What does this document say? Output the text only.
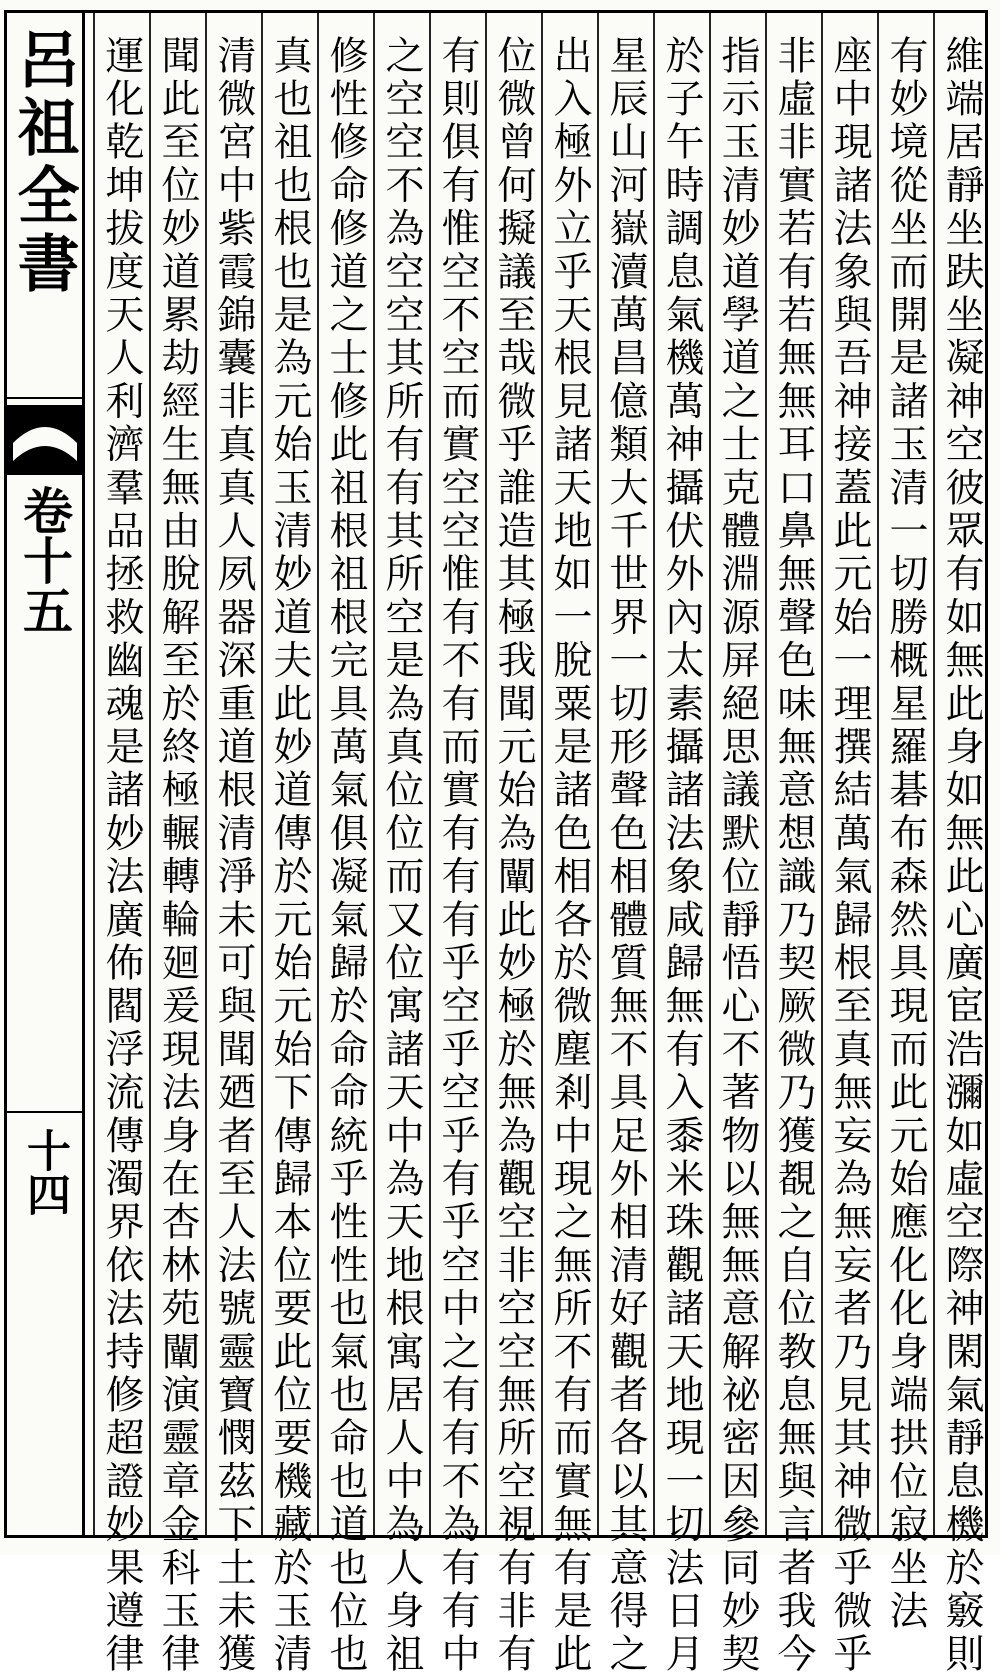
呂祖全書
卷十五
十四	維端居靜坐趺坐凝神空彼眾有如無此身如無此心廣宦浩瀰如虛空際神閑氣靜息機於竅則
有妙境從坐而開是諸玉清一切勝概星羅碁布森然具現而此元始應化化身端拱位寂坐法
座中現諸法象與吾神接蓋此元始一理撰結萬氣歸根至真無妄為無妄者乃見其神微乎微乎
非虛非實若有若無無耳口鼻無聲色味無意想識乃契厥微乃獲覩之自位教息無與言者我今
指示玉清妙道學道之士克體淵源屏絕思議默位靜悟心不著物以無無意解祕密因參同妙契
於子午時調息氣機萬神攝伏外內太素攝諸法象咸歸無有入黍米珠觀諸天地現一切法日月
星辰山河嶽瀆萬昌億類大千世界一切形聲色相體質無不具足外相清好觀者各以其意得之
出入極外立乎天根見諸天地如一脫粟是諸色相各於微塵剎中現之無所不有而實無有是此
位微曾何擬議至哉微乎誰造其極我聞元始為闡此妙極於無為觀空非空空無所空視有非有
有則俱有惟空不空而實空空惟有不有而實有有有乎空乎空乎有乎空中之有有不為有有中
之空空不為空空其所有有其所空是為真位位而又位寓諸天中為天地根寓居人中為人身祖
修性修命修道之士修此祖根祖根完具萬氣俱凝氣歸於命命統乎性性也氣也命也道也位也
真也祖也根也是為元始玉清妙道夫此妙道傳於元始元始下傳歸本位要此位要機藏於玉清
清微宮中紫霞錦囊非真真人夙器深重道根清淨未可與聞廼者至人法號靈寶憫茲下土未獲
聞此至位妙道累劫經生無由脫解至於終極輾轉輪廻爰現法身在杏林苑闡演靈章金科玉律
運化乾坤拔度天人利濟羣品拯救幽魂是諸妙法廣佈閻浮流傳濁界依法持修超證妙果遵律
